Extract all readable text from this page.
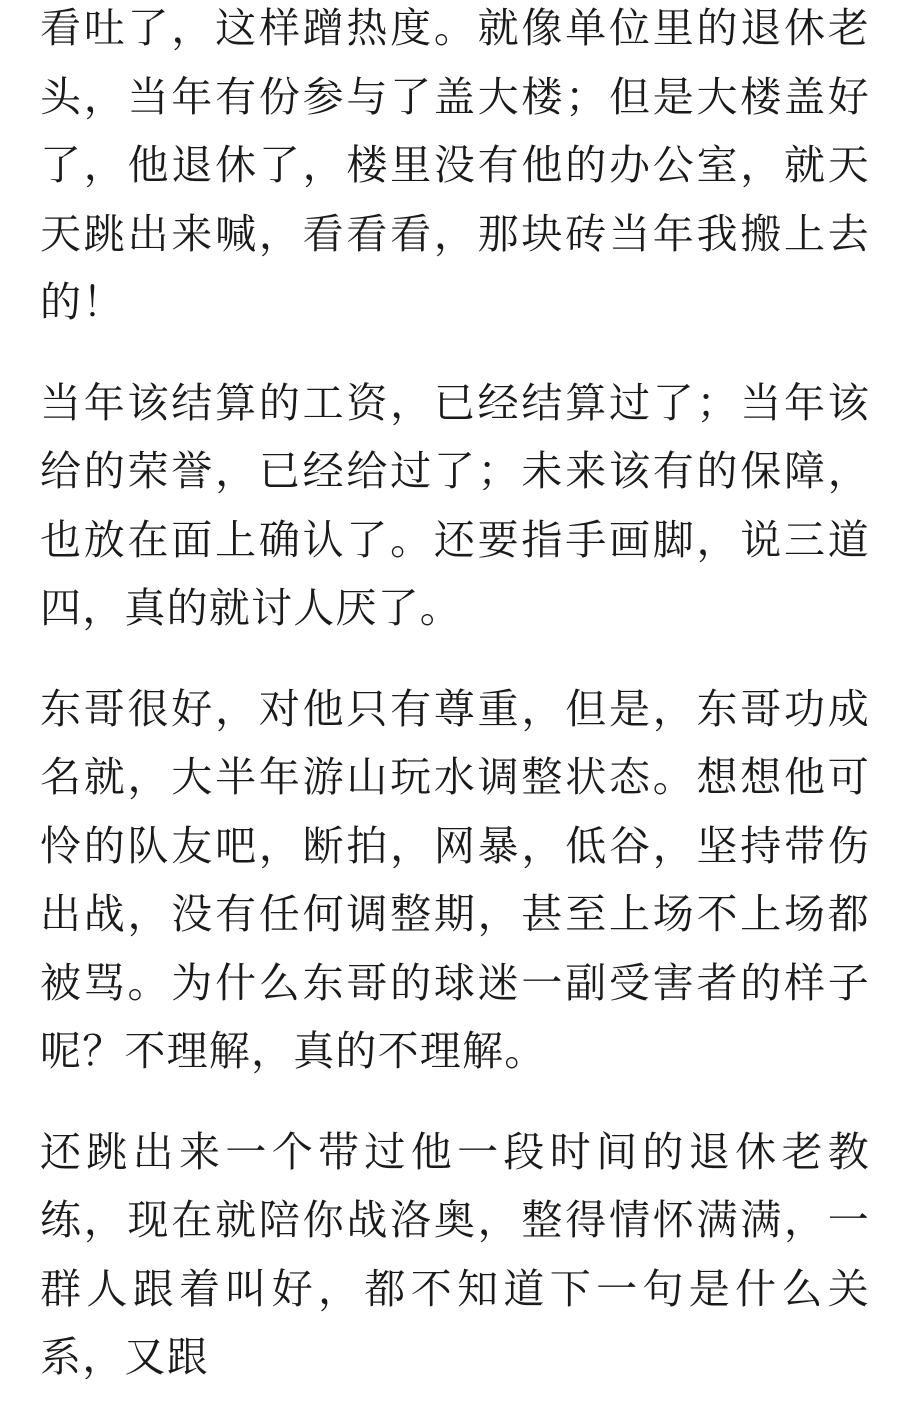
看吐了，这样蹭热度。就像单位里的退休老头，当年有份参与了盖大楼；但是大楼盖好了，他退休了，楼里没有他的办公室，就天天跳出来喊，看看看，那块砖当年我搬上去的！

当年该结算的工资，已经结算过了；当年该给的荣誉，已经给过了；未来该有的保障，也放在面上确认了。还要指手画脚，说三道四，真的就讨人厌了。

东哥很好，对他只有尊重，但是，东哥功成名就，大半年游山玩水调整状态。想想他可怜的队友吧，断拍，网暴，低谷，坚持带伤出战，没有任何调整期，甚至上场不上场都被骂。为什么东哥的球迷一副受害者的样子呢？不理解，真的不理解。

还跳出来一个带过他一段时间的退休老教练，现在就陪你战洛奥，整得情怀满满，一群人跟着叫好，都不知道下一句是什么关系，又跟
